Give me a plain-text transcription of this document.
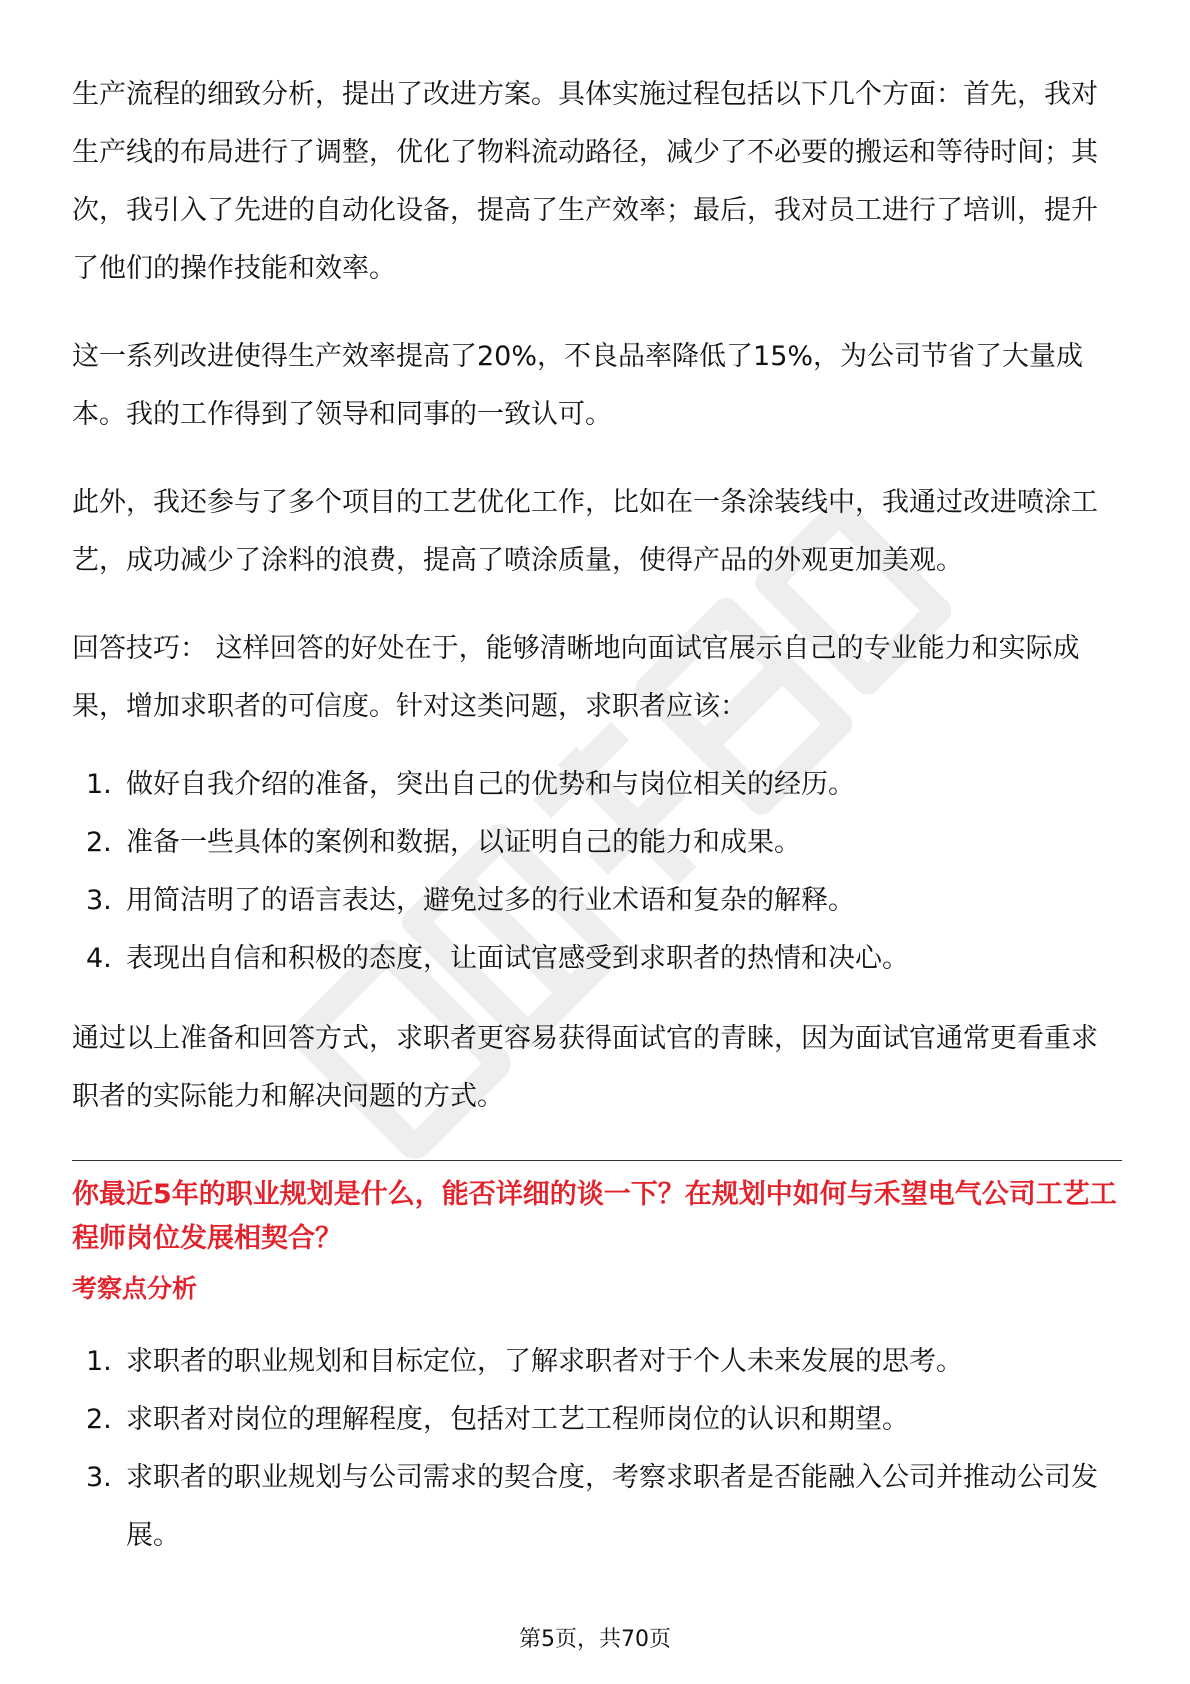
生产流程的细致分析，提出了改进方案。具体实施过程包括以下几个方面：首先，我对生产线的布局进行了调整，优化了物料流动路径，减少了不必要的搬运和等待时间；其次，我引入了先进的自动化设备，提高了生产效率；最后，我对员工进行了培训，提升了他们的操作技能和效率。

这一系列改进使得生产效率提高了20%，不良品率降低了15%，为公司节省了大量成本。我的工作得到了领导和同事的一致认可。

此外，我还参与了多个项目的工艺优化工作，比如在一条涂装线中，我通过改进喷涂工艺，成功减少了涂料的浪费，提高了喷涂质量，使得产品的外观更加美观。

回答技巧： 这样回答的好处在于，能够清晰地向面试官展示自己的专业能力和实际成果，增加求职者的可信度。针对这类问题，求职者应该：

1. 做好自我介绍的准备，突出自己的优势和与岗位相关的经历。
2. 准备一些具体的案例和数据，以证明自己的能力和成果。
3. 用简洁明了的语言表达，避免过多的行业术语和复杂的解释。
4. 表现出自信和积极的态度，让面试官感受到求职者的热情和决心。

通过以上准备和回答方式，求职者更容易获得面试官的青睐，因为面试官通常更看重求职者的实际能力和解决问题的方式。

你最近5年的职业规划是什么，能否详细的谈一下？在规划中如何与禾望电气公司工艺工程师岗位发展相契合？

考察点分析

1. 求职者的职业规划和目标定位，了解求职者对于个人未来发展的思考。
2. 求职者对岗位的理解程度，包括对工艺工程师岗位的认识和期望。
3. 求职者的职业规划与公司需求的契合度，考察求职者是否能融入公司并推动公司发展。
第5页，共70页
